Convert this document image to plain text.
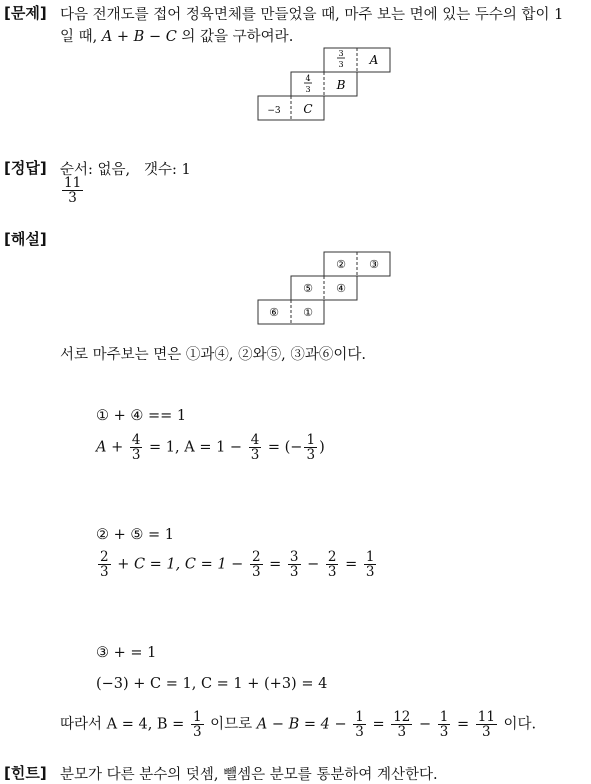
[문제] 다음 전개도를 접어 정육면체를 만들었을 때, 마주 보는 면에 있는 두수의 합이 1
일 때, A + B − C 의 값을 구하여라.
3
3 A
4
3 B
−3 C
[정답] 순서: 없음, 갯수: 1
$\frac{11}{3}$
[해설]
② ③
⑤ ④
⑥ ①
서로 마주보는 면은 ①과④, ②와⑤, ③과⑥이다.
① + ④ == 1
$A + \frac{4}{3} = 1$, $A = 1 - \frac{4}{3}$ = (− $\frac{1}{3}$ )
② + ⑤ = 1
$\frac{2}{3} + C = 1$, $C = 1 - \frac{2}{3} = \frac{3}{3} - \frac{2}{3} = \frac{1}{3}$
③ + = 1
(−3) + C = 1, C = 1 + (+3) = 4
따라서 A = 4, $B = \frac{1}{3}$ 이므로 $A - B = 4 - \frac{1}{3} = \frac{12}{3} - \frac{1}{3} = \frac{11}{3}$ 이다.
[힌트] 분모가 다른 분수의 덧셈, 뺄셈은 분모를 통분하여 계산한다.
